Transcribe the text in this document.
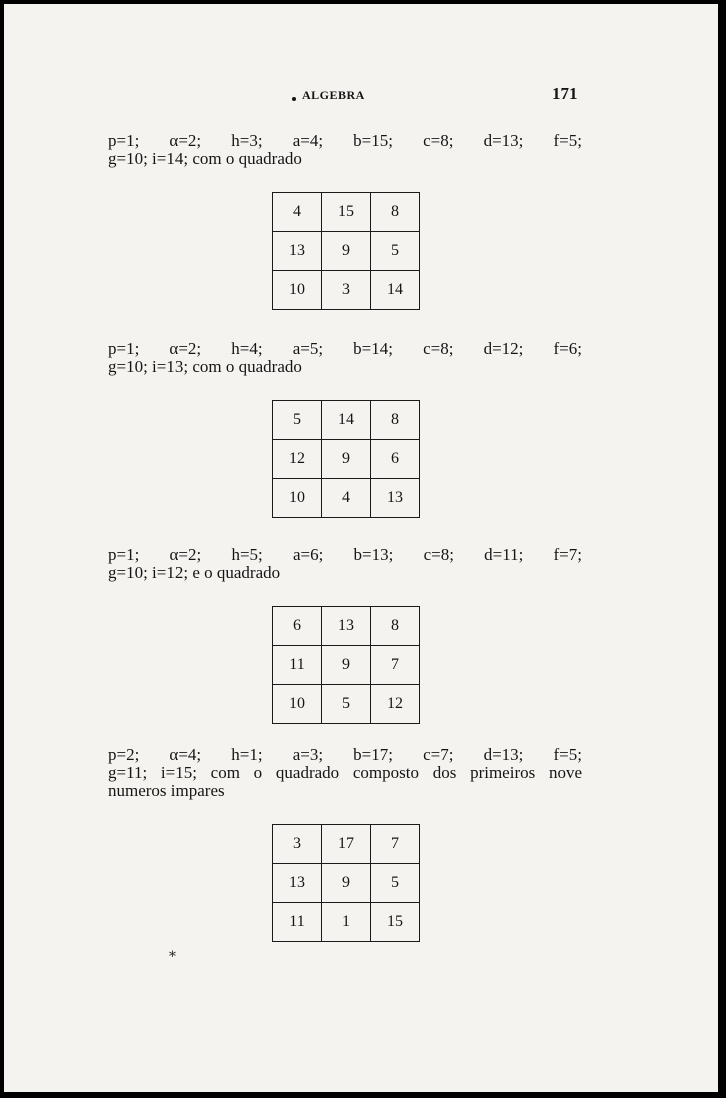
ALGEBRA	171
p=1; α=2; h=3; a=4; b=15; c=8; d=13; f=5;
g=10; i=14; com o quadrado
4	15	8
13	9	5
10	3	14
p=1; α=2; h=4; a=5; b=14; c=8; d=12; f=6;
g=10; i=13; com o quadrado
5	14	8
12	9	6
10	4	13
p=1; α=2; h=5; a=6; b=13; c=8; d=11; f=7;
g=10; i=12; e o quadrado
6	13	8
11	9	7
10	5	12
p=2; α=4; h=1; a=3; b=17; c=7; d=13; f=5;
g=11; i=15; com o quadrado composto dos primeiros nove
numeros impares
3	17	7
13	9	5
11	1	15
*
